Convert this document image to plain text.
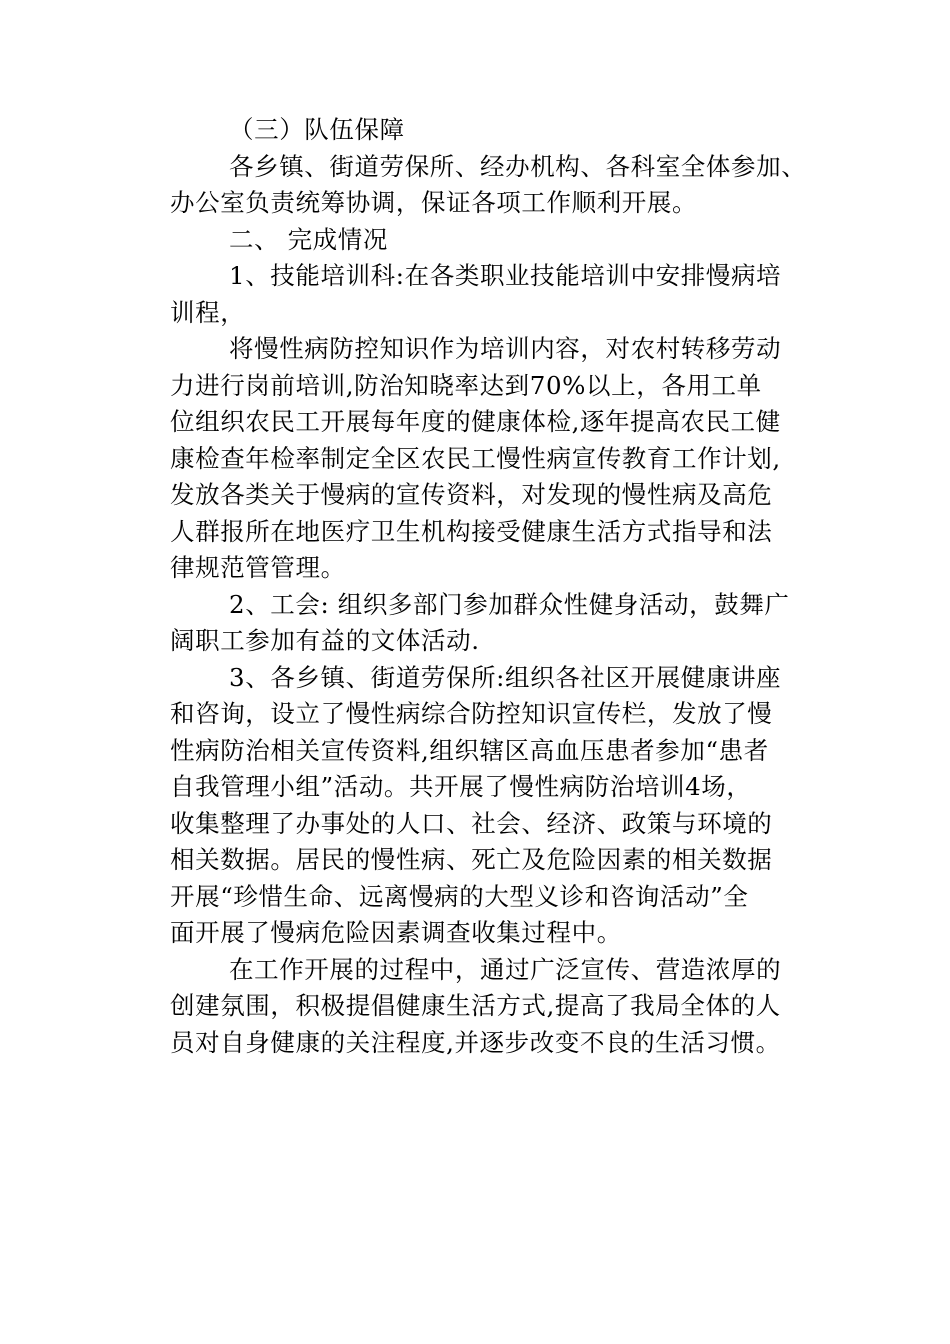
（三）队伍保障
各乡镇、街道劳保所、经办机构、各科室全体参加、
办公室负责统筹协调，保证各项工作顺利开展。
二、 完成情况
1、技能培训科:在各类职业技能培训中安排慢病培
训程，
将慢性病防控知识作为培训内容，对农村转移劳动
力进行岗前培训,防治知晓率达到70%以上，各用工单
位组织农民工开展每年度的健康体检,逐年提高农民工健
康检查年检率制定全区农民工慢性病宣传教育工作计划,
发放各类关于慢病的宣传资料，对发现的慢性病及高危
人群报所在地医疗卫生机构接受健康生活方式指导和法
律规范管管理。
2、工会: 组织多部门参加群众性健身活动，鼓舞广
阔职工参加有益的文体活动.
3、各乡镇、街道劳保所:组织各社区开展健康讲座
和咨询，设立了慢性病综合防控知识宣传栏，发放了慢
性病防治相关宣传资料,组织辖区高血压患者参加“患者
自我管理小组”活动。共开展了慢性病防治培训4场，
收集整理了办事处的人口、社会、经济、政策与环境的
相关数据。居民的慢性病、死亡及危险因素的相关数据
开展“珍惜生命、远离慢病的大型义诊和咨询活动”全
面开展了慢病危险因素调查收集过程中。
在工作开展的过程中，通过广泛宣传、营造浓厚的
创建氛围，积极提倡健康生活方式,提高了我局全体的人
员对自身健康的关注程度,并逐步改变不良的生活习惯。
